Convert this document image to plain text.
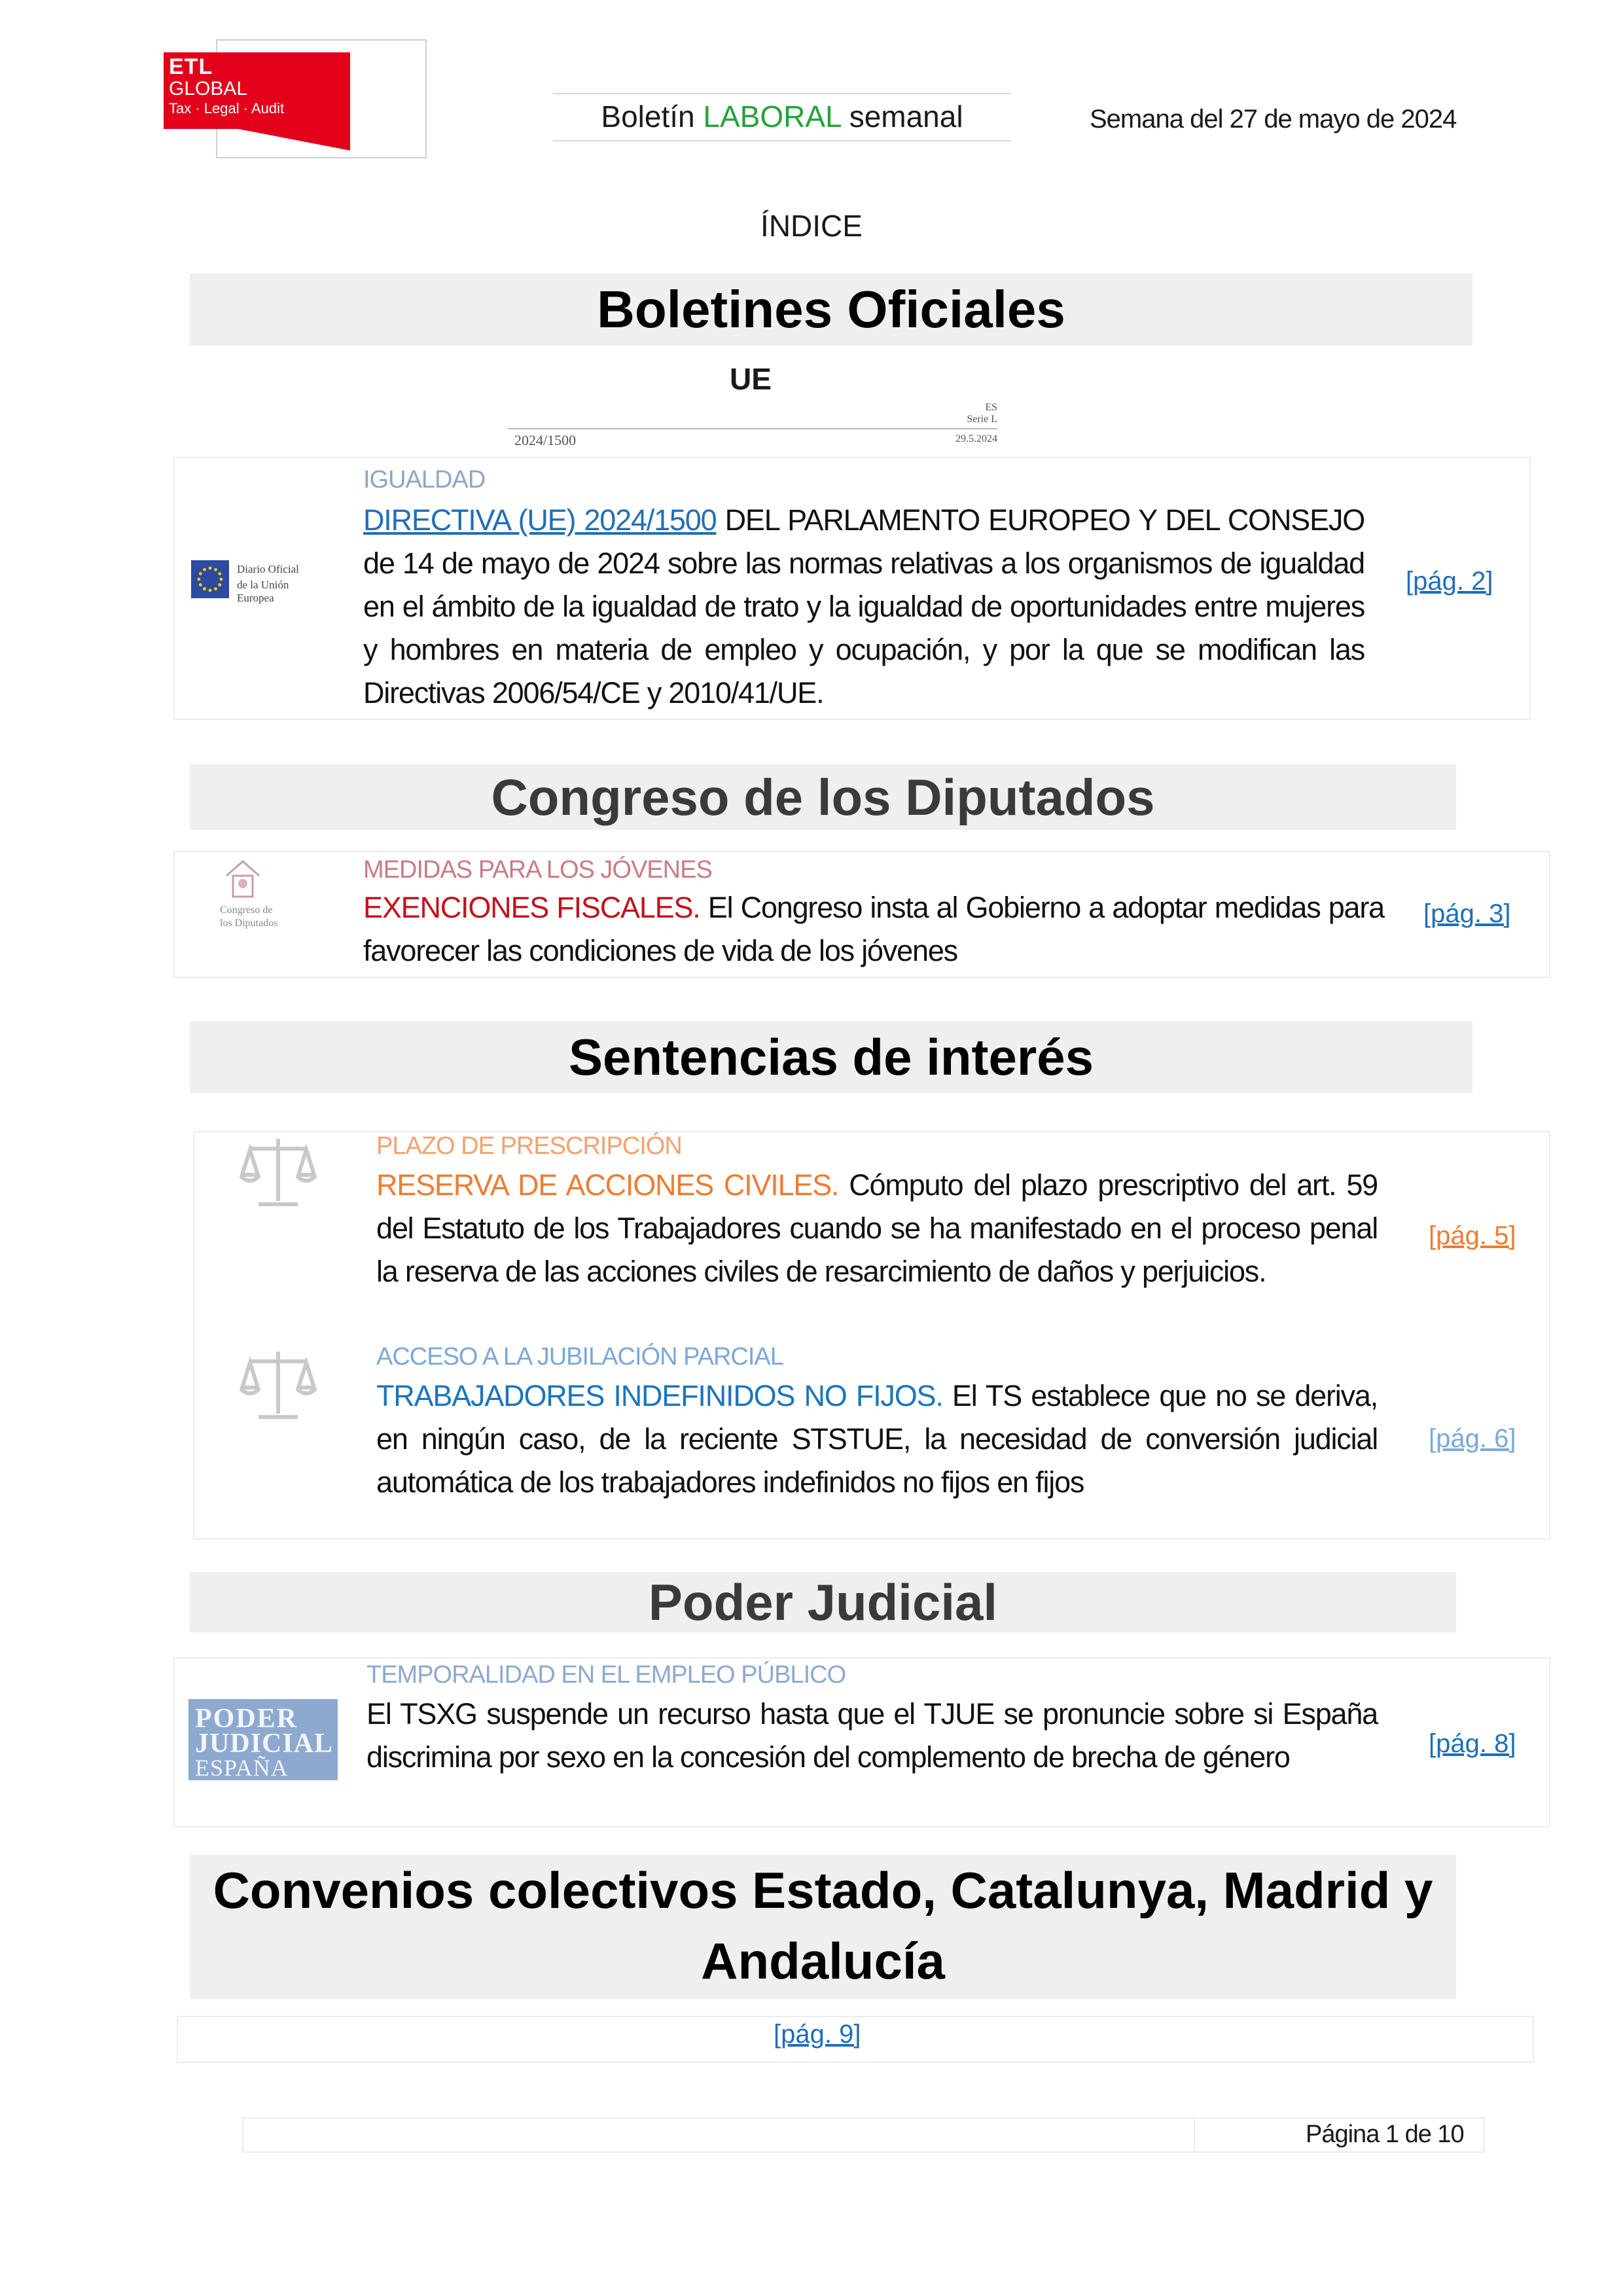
ETL
GLOBAL
Tax · Legal · Audit	Boletín LABORAL semanal	Semana del 27 de mayo de 2024
ÍNDICE
Boletines Oficiales
UE
2024/1500
ES
Serie L
29.5.2024
Diario Oficial
de la Unión Europea
IGUALDAD
DIRECTIVA (UE) 2024/1500 DEL PARLAMENTO EUROPEO Y DEL CONSEJO de 14 de mayo de 2024 sobre las normas relativas a los organismos de igualdad en el ámbito de la igualdad de trato y la igualdad de oportunidades entre mujeres y hombres en materia de empleo y ocupación, y por la que se modifican las Directivas 2006/54/CE y 2010/41/UE.
[pág. 2]
Congreso de los Diputados
Congreso de
los Diputados
MEDIDAS PARA LOS JÓVENES
EXENCIONES FISCALES. El Congreso insta al Gobierno a adoptar medidas para favorecer las condiciones de vida de los jóvenes
[pág. 3]
Sentencias de interés
PLAZO DE PRESCRIPCIÓN
RESERVA DE ACCIONES CIVILES. Cómputo del plazo prescriptivo del art. 59 del Estatuto de los Trabajadores cuando se ha manifestado en el proceso penal la reserva de las acciones civiles de resarcimiento de daños y perjuicios.
[pág. 5]
ACCESO A LA JUBILACIÓN PARCIAL
TRABAJADORES INDEFINIDOS NO FIJOS. El TS establece que no se deriva, en ningún caso, de la reciente STSTUE, la necesidad de conversión judicial automática de los trabajadores indefinidos no fijos en fijos
[pág. 6]
Poder Judicial
PODER
JUDICIAL
ESPAÑA
TEMPORALIDAD EN EL EMPLEO PÚBLICO
El TSXG suspende un recurso hasta que el TJUE se pronuncie sobre si España discrimina por sexo en la concesión del complemento de brecha de género	[pág. 8]
Convenios colectivos Estado, Catalunya, Madrid y
Andalucía
[pág. 9]
Página 1 de 10
